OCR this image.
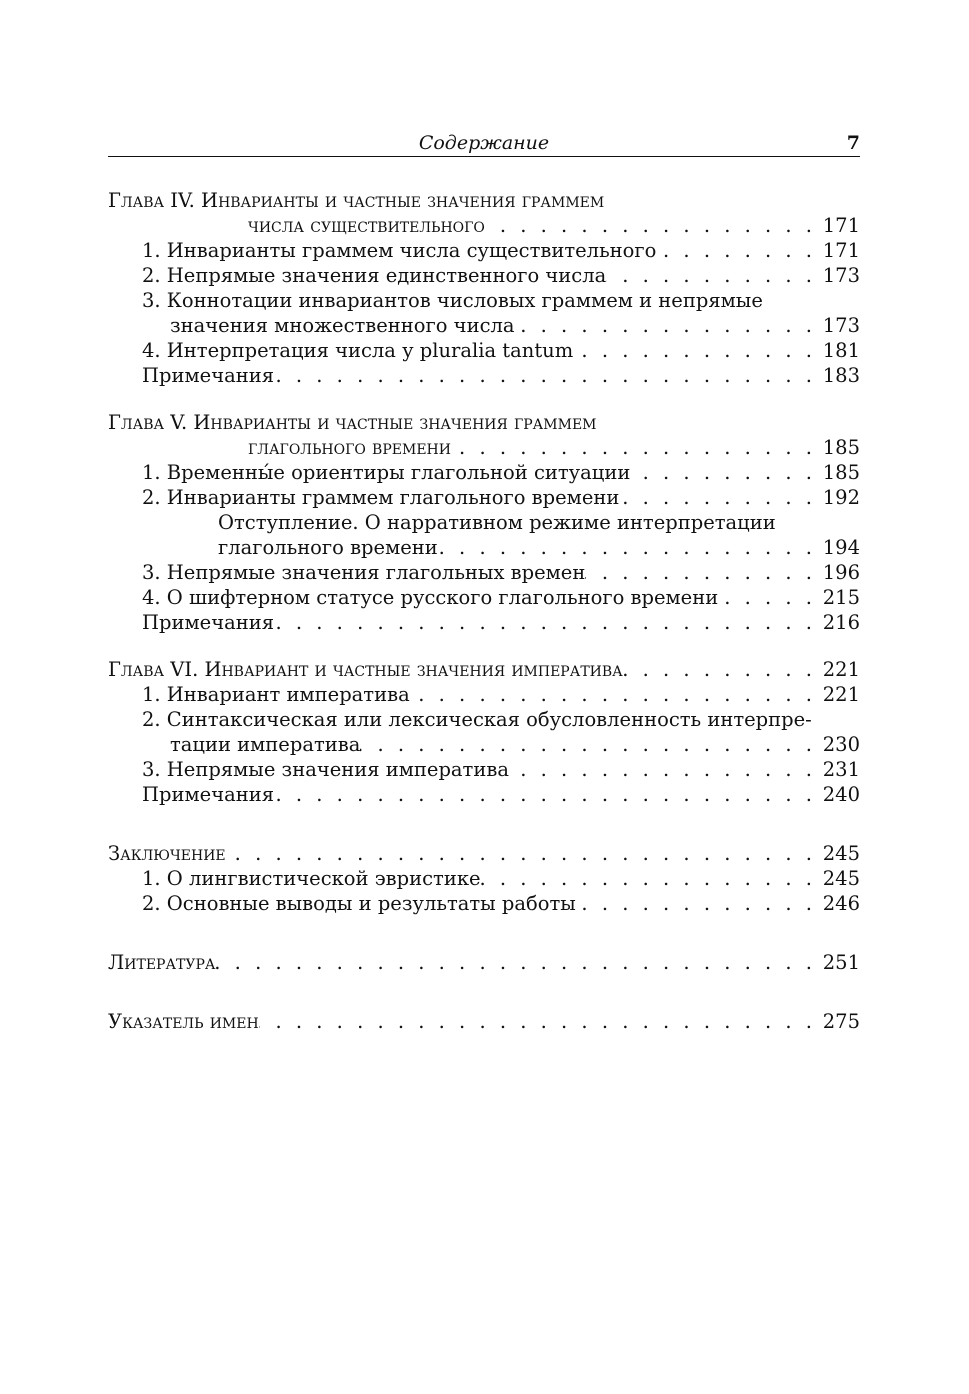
Содержание	7
Глава IV. Инварианты и частные значения граммем
числа существительного . . .	171
1. Инварианты граммем числа существительного . . .	171
2. Непрямые значения единственного числа . . .	173
3. Коннотации инвариантов числовых граммем и непрямые
значения множественного числа . . .	173
4. Интерпретация числа у pluralia tantum . . .	181
Примечания . . .	183
Глава V. Инварианты и частные значения граммем
глагольного времени . . .	185
1. Временны́е ориентиры глагольной ситуации . . .	185
2. Инварианты граммем глагольного времени . . .	192
Отступление. О нарративном режиме интерпретации
глагольного времени . . .	194
3. Непрямые значения глагольных времен . . .	196
4. О шифтерном статусе русского глагольного времени . . .	215
Примечания . . .	216
Глава VI. Инвариант и частные значения императива . . .	221
1. Инвариант императива . . .	221
2. Синтаксическая или лексическая обусловленность интерпре-
тации императива . . .	230
3. Непрямые значения императива . . .	231
Примечания . . .	240
Заключение . . .	245
1. О лингвистической эвристике . . .	245
2. Основные выводы и результаты работы . . .	246
Литература . . .	251
Указатель имен . . .	275
